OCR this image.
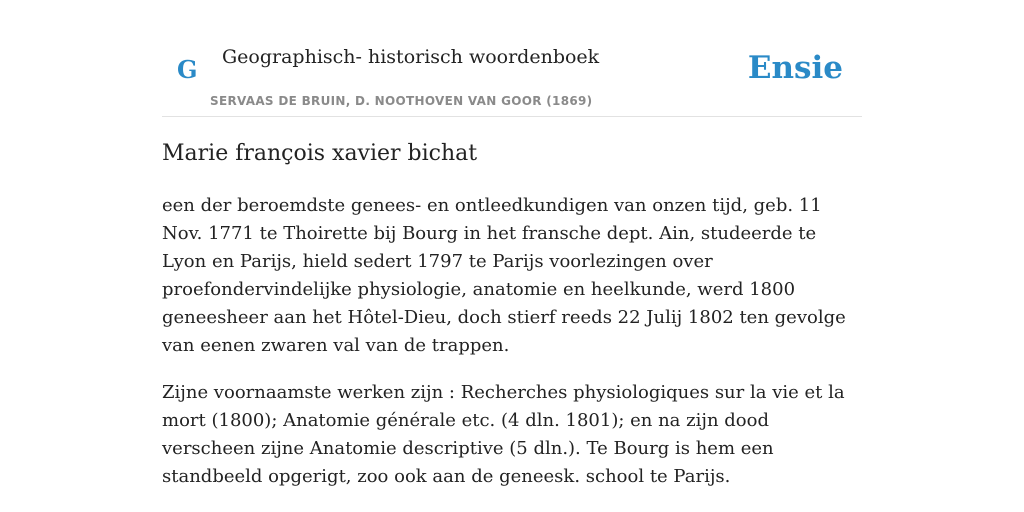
G Geographisch- historisch woordenboek
SERVAAS DE BRUIN, D. NOOTHOVEN VAN GOOR (1869)
Ensie
Marie françois xavier bichat

een der beroemdste genees- en ontleedkundigen van onzen tijd, geb. 11 Nov. 1771 te Thoirette bij Bourg in het fransche dept. Ain, studeerde te Lyon en Parijs, hield sedert 1797 te Parijs voorlezingen over proefondervindelijke physiologie, anatomie en heelkunde, werd 1800 geneesheer aan het Hôtel-Dieu, doch stierf reeds 22 Julij 1802 ten gevolge van eenen zwaren val van de trappen.

Zijne voornaamste werken zijn : Recherches physiologiques sur la vie et la mort (1800); Anatomie générale etc. (4 dln. 1801); en na zijn dood verscheen zijne Anatomie descriptive (5 dln.). Te Bourg is hem een standbeeld opgerigt, zoo ook aan de geneesk. school te Parijs.
